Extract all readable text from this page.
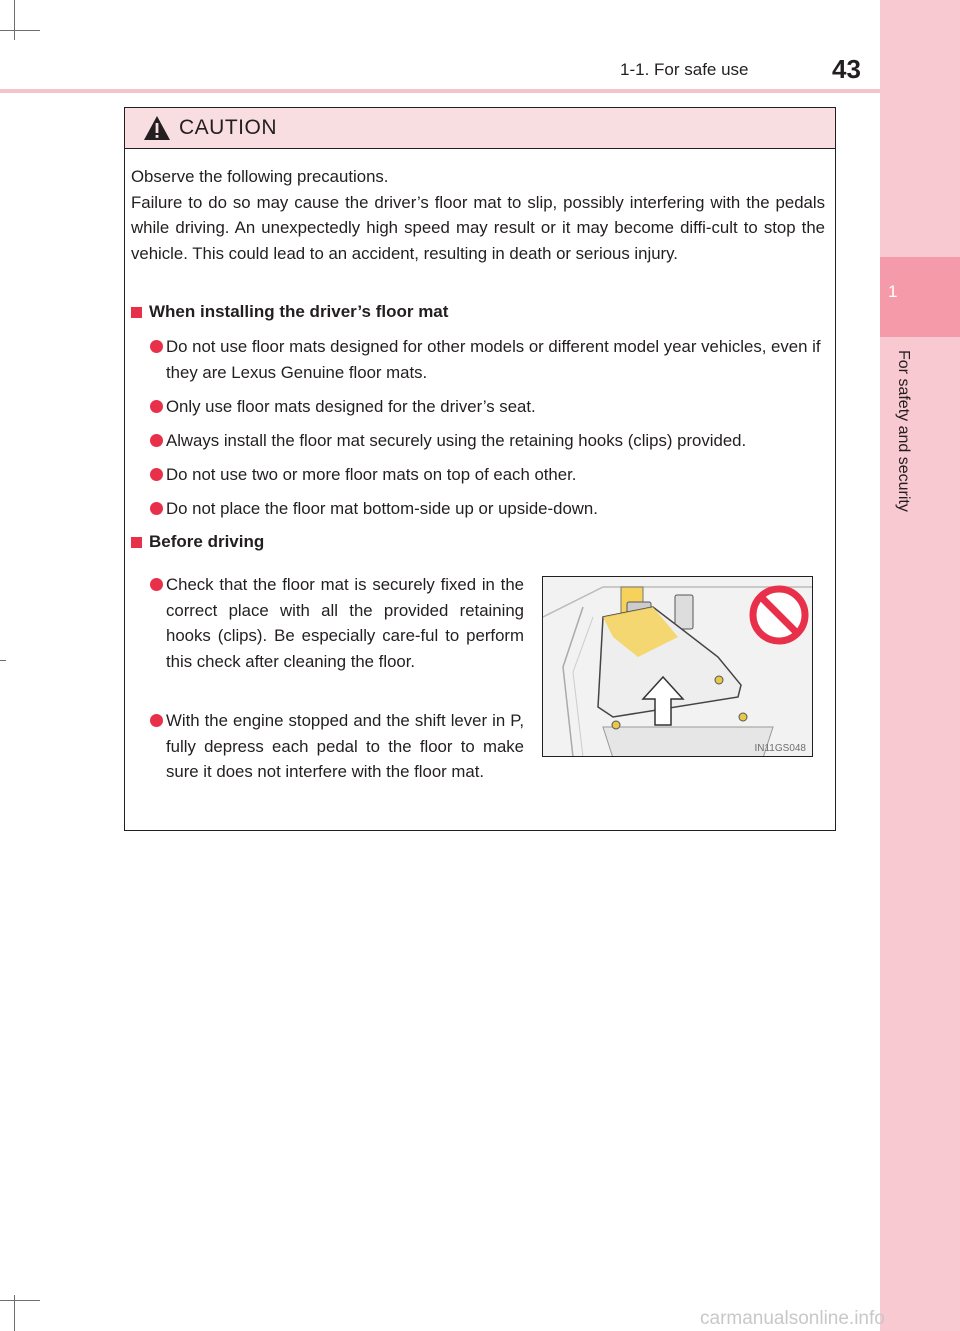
1-1. For safe use	43
1
For safety and security
CAUTION
Observe the following precautions.
Failure to do so may cause the driver’s floor mat to slip, possibly interfering with the pedals while driving. An unexpectedly high speed may result or it may become diffi-cult to stop the vehicle. This could lead to an accident, resulting in death or serious injury.
When installing the driver’s floor mat
Do not use floor mats designed for other models or different model year vehicles, even if they are Lexus Genuine floor mats.
Only use floor mats designed for the driver’s seat.
Always install the floor mat securely using the retaining hooks (clips) provided.
Do not use two or more floor mats on top of each other.
Do not place the floor mat bottom-side up or upside-down.
Before driving
Check that the floor mat is securely fixed in the correct place with all the provided retaining hooks (clips). Be especially care-ful to perform this check after cleaning the floor.
With the engine stopped and the shift lever in P, fully depress each pedal to the floor to make sure it does not interfere with the floor mat.
IN11GS048
carmanualsonline.info
